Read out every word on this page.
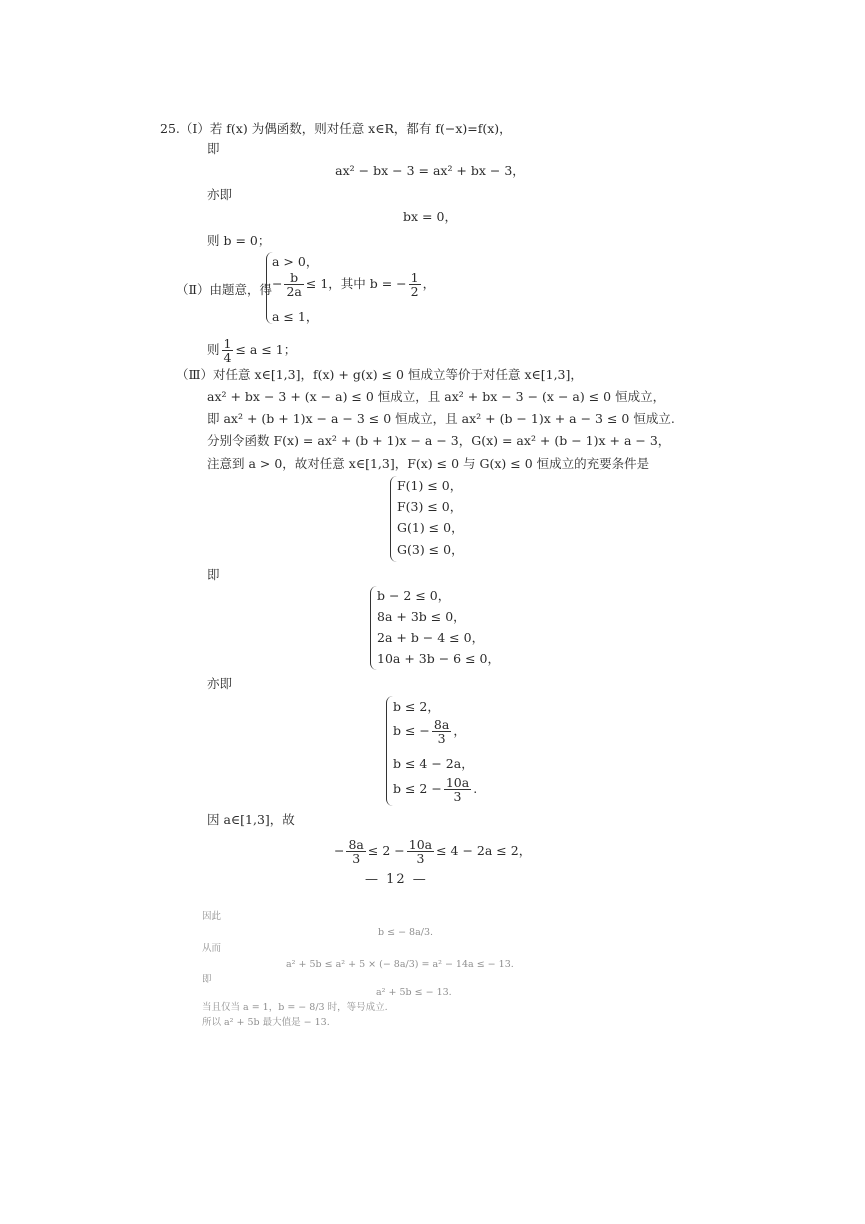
25.（Ⅰ）若 f(x) 为偶函数，则对任意 x∈R，都有 f(−x)=f(x)，
即
ax² − bx − 3 = ax² + bx − 3，
亦即
bx = 0，
则 b = 0；
a > 0，
（Ⅱ）由题意，得 − $\frac{b}{2a} \le 1$，其中 b = − $\frac{1}{2}$ ，
a ≤ 1，
则 $\frac{1}{4} \le a \le 1$；
（Ⅲ）对任意 x∈[1,3]，f(x) + g(x) ≤ 0 恒成立等价于对任意 x∈[1,3]，
ax² + bx − 3 + (x − a) ≤ 0 恒成立，且 ax² + bx − 3 − (x − a) ≤ 0 恒成立，
即 ax² + (b + 1)x − a − 3 ≤ 0 恒成立，且 ax² + (b − 1)x + a − 3 ≤ 0 恒成立.
分别令函数 F(x) = ax² + (b + 1)x − a − 3，G(x) = ax² + (b − 1)x + a − 3，
注意到 a > 0，故对任意 x∈[1,3]，F(x) ≤ 0 与 G(x) ≤ 0 恒成立的充要条件是
F(1) ≤ 0，
F(3) ≤ 0，
G(1) ≤ 0，
G(3) ≤ 0，
即
b − 2 ≤ 0，
8a + 3b ≤ 0，
2a + b − 4 ≤ 0，
10a + 3b − 6 ≤ 0，
亦即
b ≤ 2，
b ≤ − $\frac{8a}{3}$ ，
b ≤ 4 − 2a，
$b \le 2 - \frac{10a}{3}$ .
因 a∈[1,3]，故
− $\frac{8a}{3} \le 2 - \frac{10a}{3} \le 4 - 2a \le 2$，
— 12 —
因此
b ≤ − 8a/3.
从而
a² + 5b ≤ a² + 5 × (− 8a/3) = a² − 14a ≤ − 13.
即
a² + 5b ≤ − 13.
当且仅当 a = 1，b = − 8/3 时，等号成立.
所以 a² + 5b 最大值是 − 13.
